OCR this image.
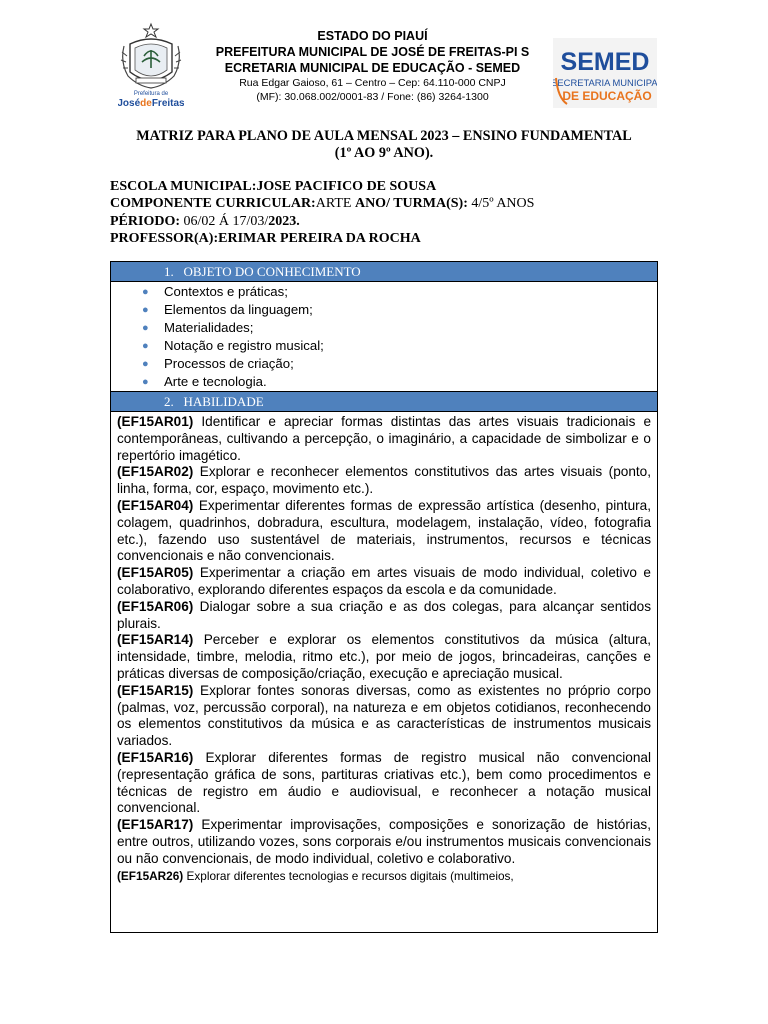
Prefeitura de
JosédeFreitas
ESTADO DO PIAUÍ
PREFEITURA MUNICIPAL DE JOSÉ DE FREITAS-PI S
ECRETARIA MUNICIPAL DE EDUCAÇÃO - SEMED
Rua Edgar Gaioso, 61 – Centro – Cep: 64.110-000 CNPJ
(MF): 30.068.002/0001-83 / Fone: (86) 3264-1300
SEMED
SECRETARIA MUNICIPAL
DE EDUCAÇÃO
MATRIZ PARA PLANO DE AULA MENSAL 2023 – ENSINO FUNDAMENTAL
(1º AO 9º ANO).
ESCOLA MUNICIPAL:JOSE PACIFICO DE SOUSA
COMPONENTE CURRICULAR:ARTE ANO/ TURMA(S): 4/5º ANOS
PÉRIODO: 06/02 Á 17/03/2023.
PROFESSOR(A):ERIMAR PEREIRA DA ROCHA
1.   OBJETO DO CONHECIMENTO
● Contextos e práticas;
● Elementos da linguagem;
● Materialidades;
● Notação e registro musical;
● Processos de criação;
● Arte e tecnologia.
2.   HABILIDADE

(EF15AR01) Identificar e apreciar formas distintas das artes visuais tradicionais e contemporâneas, cultivando a percepção, o imaginário, a capacidade de simbolizar e o repertório imagético.

(EF15AR02) Explorar e reconhecer elementos constitutivos das artes visuais (ponto, linha, forma, cor, espaço, movimento etc.).

(EF15AR04) Experimentar diferentes formas de expressão artística (desenho, pintura, colagem, quadrinhos, dobradura, escultura, modelagem, instalação, vídeo, fotografia etc.), fazendo uso sustentável de materiais, instrumentos, recursos e técnicas convencionais e não convencionais.

(EF15AR05) Experimentar a criação em artes visuais de modo individual, coletivo e colaborativo, explorando diferentes espaços da escola e da comunidade.

(EF15AR06) Dialogar sobre a sua criação e as dos colegas, para alcançar sentidos plurais.

(EF15AR14) Perceber e explorar os elementos constitutivos da música (altura, intensidade, timbre, melodia, ritmo etc.), por meio de jogos, brincadeiras, canções e práticas diversas de composição/criação, execução e apreciação musical.

(EF15AR15) Explorar fontes sonoras diversas, como as existentes no próprio corpo (palmas, voz, percussão corporal), na natureza e em objetos cotidianos, reconhecendo os elementos constitutivos da música e as características de instrumentos musicais variados.

(EF15AR16) Explorar diferentes formas de registro musical não convencional (representação gráfica de sons, partituras criativas etc.), bem como procedimentos e técnicas de registro em áudio e audiovisual, e reconhecer a notação musical convencional.

(EF15AR17) Experimentar improvisações, composições e sonorização de histórias, entre outros, utilizando vozes, sons corporais e/ou instrumentos musicais convencionais ou não convencionais, de modo individual, coletivo e colaborativo.

(EF15AR26) Explorar diferentes tecnologias e recursos digitais (multimeios,
